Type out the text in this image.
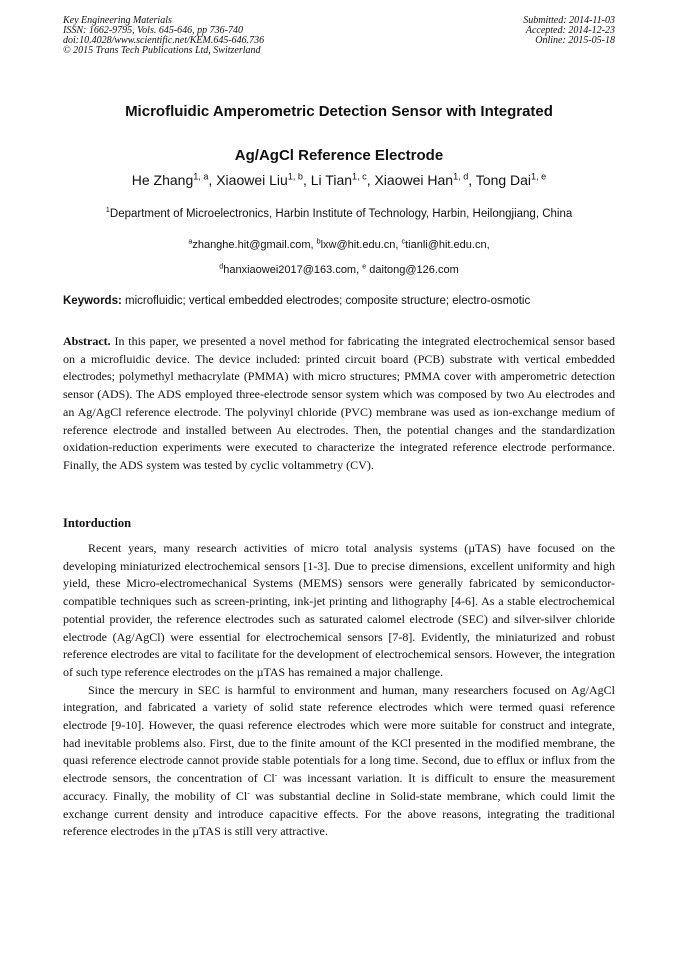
Key Engineering Materials
ISSN: 1662-9795, Vols. 645-646, pp 736-740
doi:10.4028/www.scientific.net/KEM.645-646.736
© 2015 Trans Tech Publications Ltd, Switzerland
Submitted: 2014-11-03
Accepted: 2014-12-23
Online: 2015-05-18
Microfluidic Amperometric Detection Sensor with Integrated
Ag/AgCl Reference Electrode
He Zhang$^{1, a}$, Xiaowei Liu$^{1, b}$, Li Tian$^{1, c}$, Xiaowei Han$^{1, d}$, Tong Dai$^{1, e}$
$^1$Department of Microelectronics, Harbin Institute of Technology, Harbin, Heilongjiang, China
$^a$zhanghe.hit@gmail.com, $^b$lxw@hit.edu.cn, $^c$tianli@hit.edu.cn,
$^d$hanxiaowei2017@163.com, $^e$ daitong@126.com
Keywords: microfluidic; vertical embedded electrodes; composite structure; electro-osmotic
Abstract. In this paper, we presented a novel method for fabricating the integrated electrochemical sensor based on a microfluidic device. The device included: printed circuit board (PCB) substrate with vertical embedded electrodes; polymethyl methacrylate (PMMA) with micro structures; PMMA cover with amperometric detection sensor (ADS). The ADS employed three-electrode sensor system which was composed by two Au electrodes and an Ag/AgCl reference electrode. The polyvinyl chloride (PVC) membrane was used as ion-exchange medium of reference electrode and installed between Au electrodes. Then, the potential changes and the standardization oxidation-reduction experiments were executed to characterize the integrated reference electrode performance. Finally, the ADS system was tested by cyclic voltammetry (CV).
Intorduction

Recent years, many research activities of micro total analysis systems (µTAS) have focused on the developing miniaturized electrochemical sensors [1-3]. Due to precise dimensions, excellent uniformity and high yield, these Micro-electromechanical Systems (MEMS) sensors were generally fabricated by semiconductor-compatible techniques such as screen-printing, ink-jet printing and lithography [4-6]. As a stable electrochemical potential provider, the reference electrodes such as saturated calomel electrode (SEC) and silver-silver chloride electrode (Ag/AgCl) were essential for electrochemical sensors [7-8]. Evidently, the miniaturized and robust reference electrodes are vital to facilitate for the development of electrochemical sensors. However, the integration of such type reference electrodes on the µTAS has remained a major challenge.

Since the mercury in SEC is harmful to environment and human, many researchers focused on Ag/AgCl integration, and fabricated a variety of solid state reference electrodes which were termed quasi reference electrode [9-10]. However, the quasi reference electrodes which were more suitable for construct and integrate, had inevitable problems also. First, due to the finite amount of the KCl presented in the modified membrane, the quasi reference electrode cannot provide stable potentials for a long time. Second, due to efflux or influx from the electrode sensors, the concentration of Cl- was incessant variation. It is difficult to ensure the measurement accuracy. Finally, the mobility of Cl- was substantial decline in Solid-state membrane, which could limit the exchange current density and introduce capacitive effects. For the above reasons, integrating the traditional reference electrodes in the µTAS is still very attractive.
